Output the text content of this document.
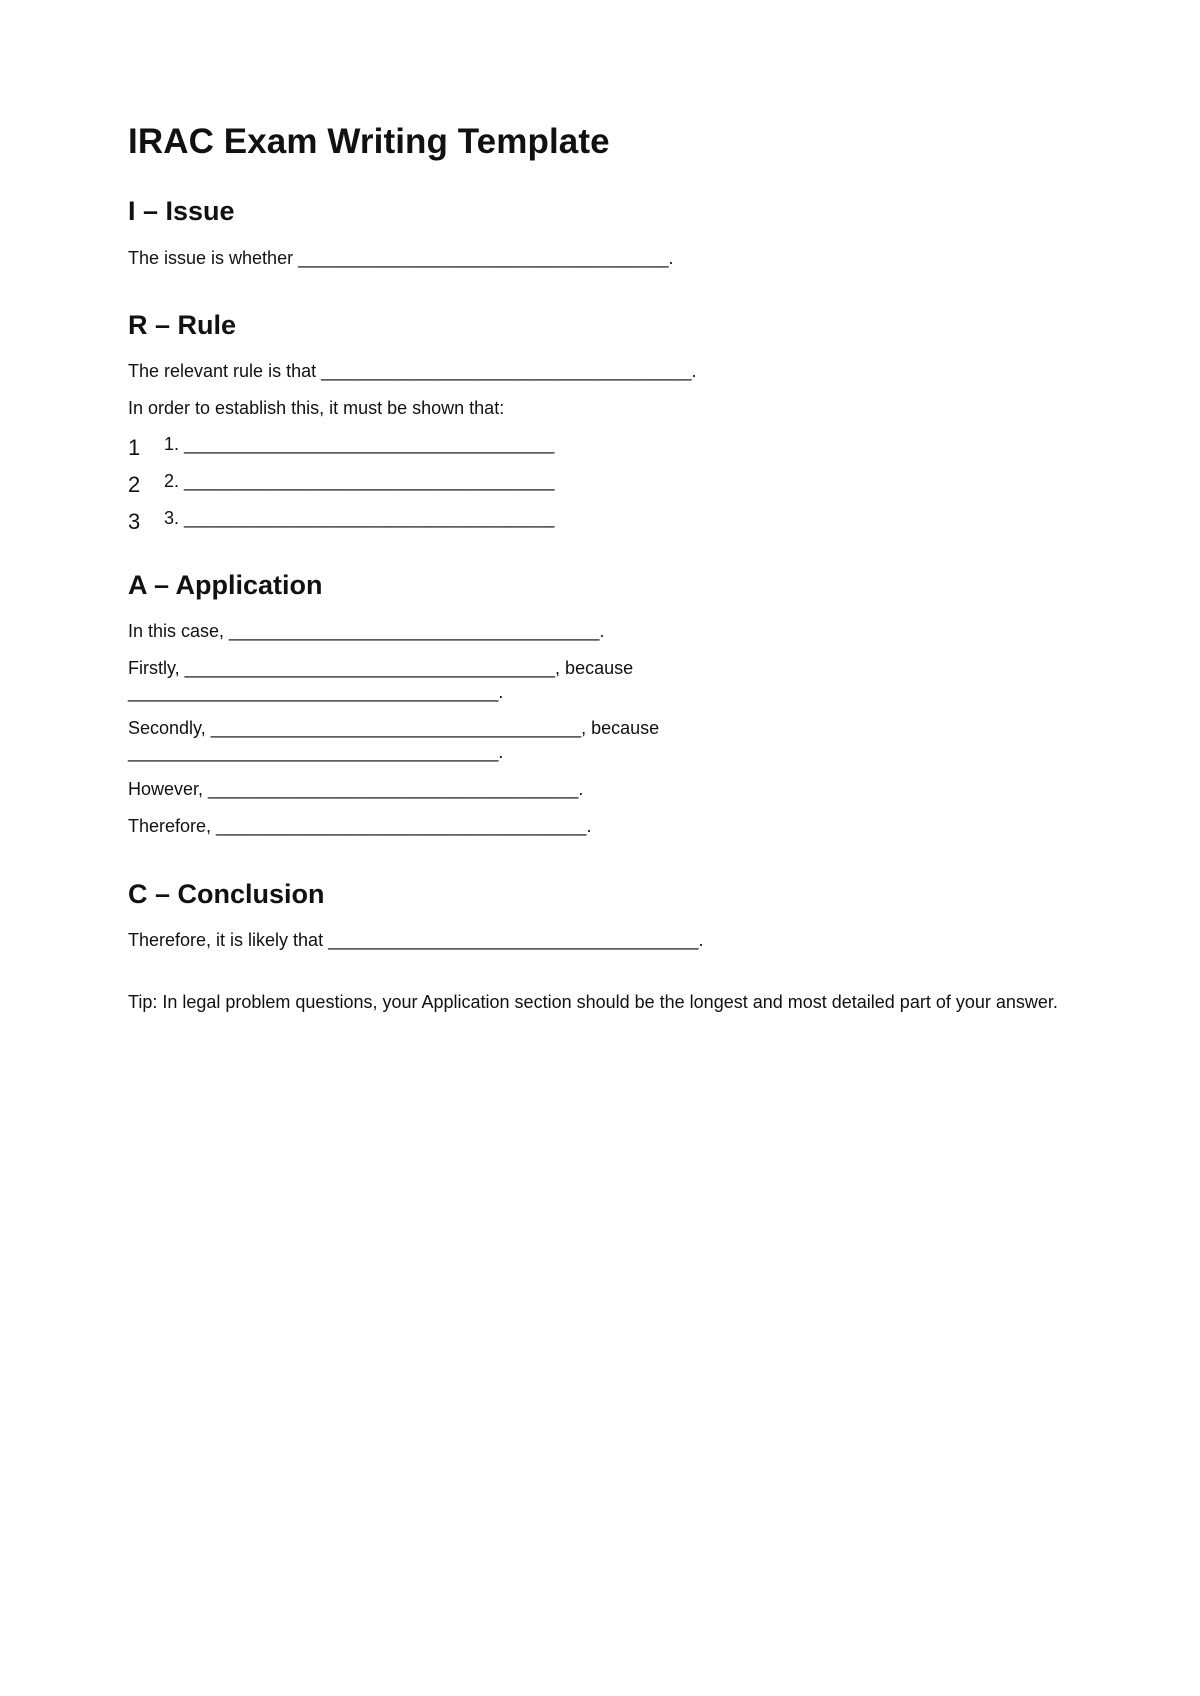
IRAC Exam Writing Template
I – Issue

The issue is whether _____________________________________.

R – Rule

The relevant rule is that _____________________________________.

In order to establish this, it must be shown that:

1 1. _____________________________________
2 2. _____________________________________
3 3. _____________________________________
A – Application

In this case, _____________________________________.

Firstly, _____________________________________, because

_____________________________________.

Secondly, _____________________________________, because

_____________________________________.

However, _____________________________________.

Therefore, _____________________________________.

C – Conclusion

Therefore, it is likely that _____________________________________.

Tip: In legal problem questions, your Application section should be the longest and most detailed part of your answer.
